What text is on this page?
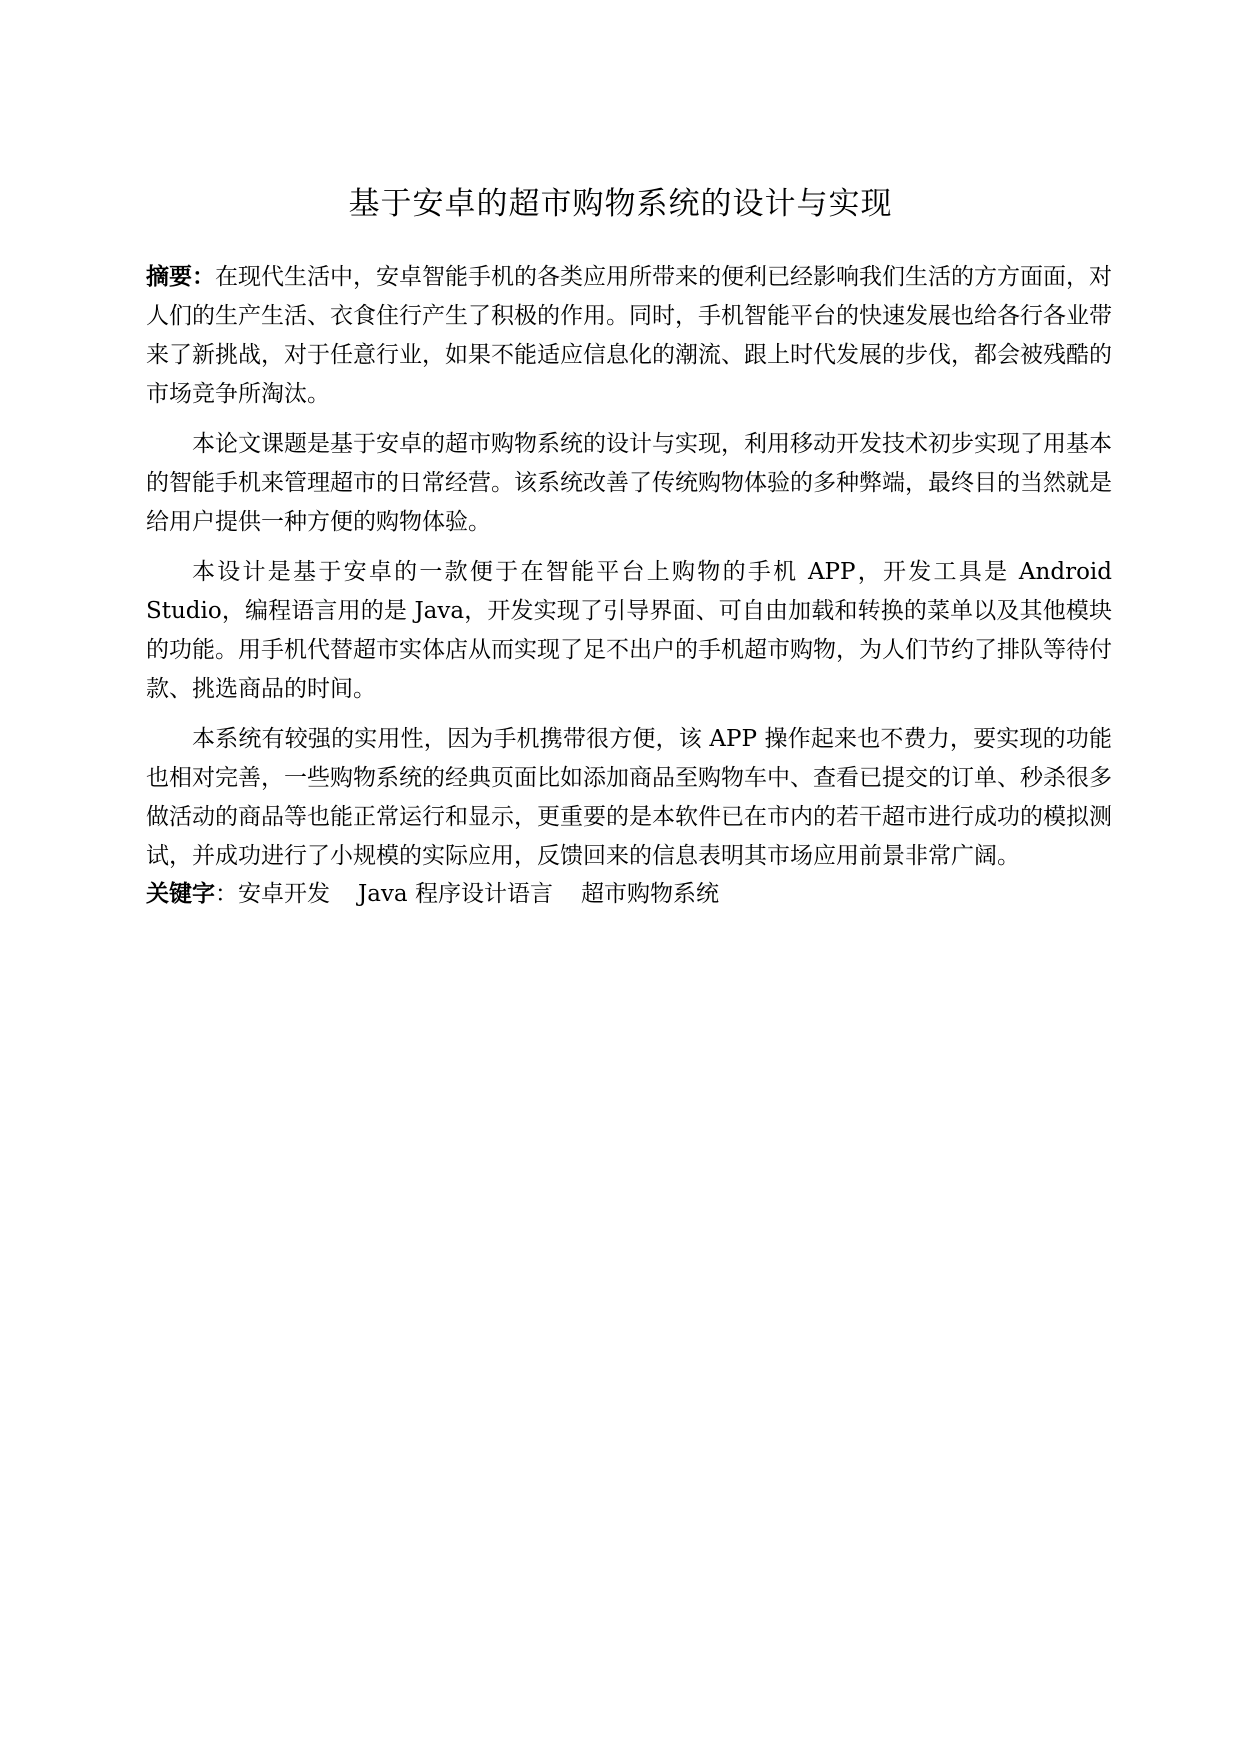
基于安卓的超市购物系统的设计与实现

摘要：在现代生活中，安卓智能手机的各类应用所带来的便利已经影响我们生活的方方面面，对人们的生产生活、衣食住行产生了积极的作用。同时，手机智能平台的快速发展也给各行各业带来了新挑战，对于任意行业，如果不能适应信息化的潮流、跟上时代发展的步伐，都会被残酷的市场竞争所淘汰。

本论文课题是基于安卓的超市购物系统的设计与实现，利用移动开发技术初步实现了用基本的智能手机来管理超市的日常经营。该系统改善了传统购物体验的多种弊端，最终目的当然就是给用户提供一种方便的购物体验。

本设计是基于安卓的一款便于在智能平台上购物的手机 APP，开发工具是 Android Studio，编程语言用的是 Java，开发实现了引导界面、可自由加载和转换的菜单以及其他模块的功能。用手机代替超市实体店从而实现了足不出户的手机超市购物，为人们节约了排队等待付款、挑选商品的时间。

本系统有较强的实用性，因为手机携带很方便，该 APP 操作起来也不费力，要实现的功能也相对完善，一些购物系统的经典页面比如添加商品至购物车中、查看已提交的订单、秒杀很多做活动的商品等也能正常运行和显示，更重要的是本软件已在市内的若干超市进行成功的模拟测试，并成功进行了小规模的实际应用，反馈回来的信息表明其市场应用前景非常广阔。

关键字：安卓开发 Java 程序设计语言 超市购物系统
